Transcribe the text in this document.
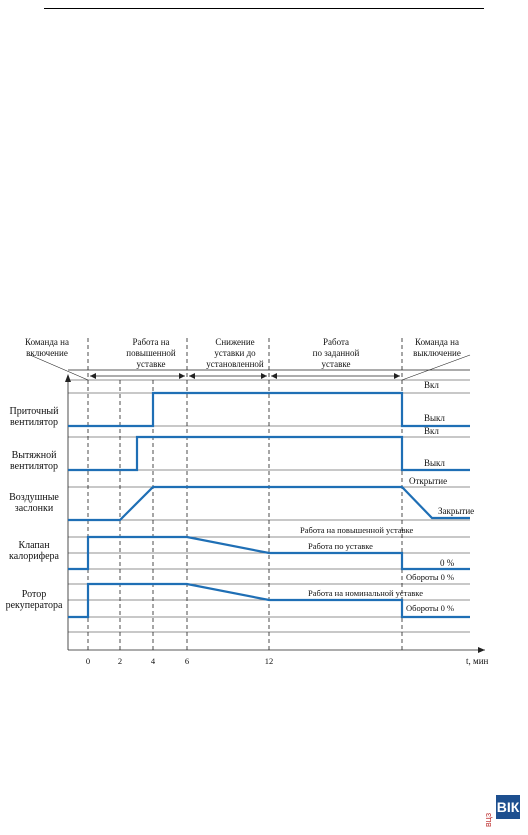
Команда на
включение
Работа на
повышенной
уставке
Снижение
уставки до
установленной
Работа
по заданной
уставке
Команда на
выключение
Приточный
вентилятор
Вытяжной
вентилятор
Воздушные
заслонки
Клапан
калорифера
Ротор
рекуператора
Вкл
Выкл
Вкл
Выкл
Открытие
Закрытие
Работа на повышенной уставке
Работа по уставке
0 %
Обороты 0 %
Работа на номинальной уставке
Обороты 0 %
0	2	4	6	12	t, мин
ВЦЗ
ВІК
